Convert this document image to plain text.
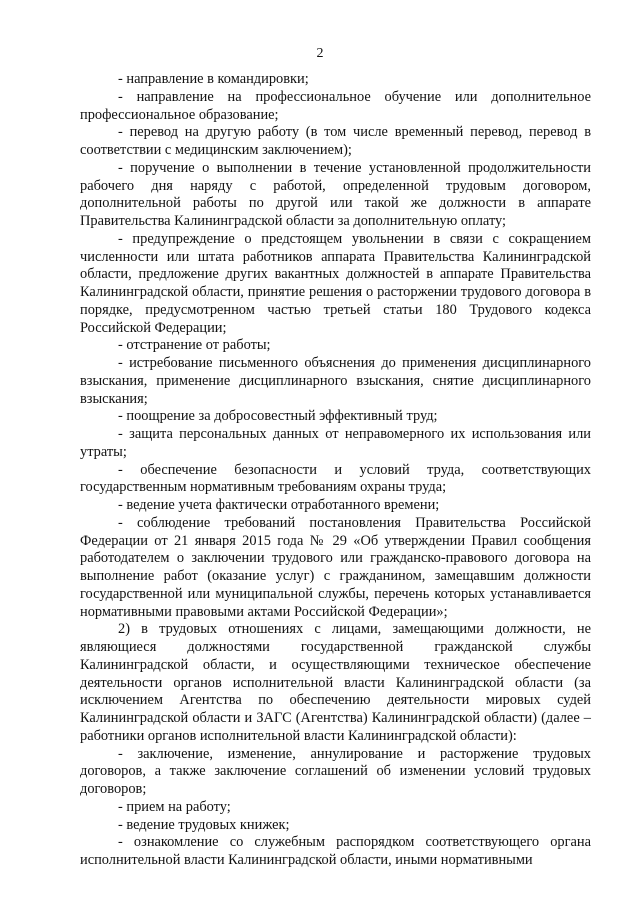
2

- направление в командировки;

- направление на профессиональное обучение или дополнительное профессиональное образование;

- перевод на другую работу (в том числе временный перевод, перевод в соответствии с медицинским заключением);

- поручение о выполнении в течение установленной продолжительности рабочего дня наряду с работой, определенной трудовым договором, дополнительной работы по другой или такой же должности в аппарате Правительства Калининградской области за дополнительную оплату;

- предупреждение о предстоящем увольнении в связи с сокращением численности или штата работников аппарата Правительства Калининградской области, предложение других вакантных должностей в аппарате Правительства Калининградской области, принятие решения о расторжении трудового договора в порядке, предусмотренном частью третьей статьи 180 Трудового кодекса Российской Федерации;

- отстранение от работы;

- истребование письменного объяснения до применения дисциплинарного взыскания, применение дисциплинарного взыскания, снятие дисциплинарного взыскания;

- поощрение за добросовестный эффективный труд;

- защита персональных данных от неправомерного их использования или утраты;

- обеспечение безопасности и условий труда, соответствующих государственным нормативным требованиям охраны труда;

- ведение учета фактически отработанного времени;

- соблюдение требований постановления Правительства Российской Федерации от 21 января 2015 года № 29 «Об утверждении Правил сообщения работодателем о заключении трудового или гражданско-правового договора на выполнение работ (оказание услуг) с гражданином, замещавшим должности государственной или муниципальной службы, перечень которых устанавливается нормативными правовыми актами Российской Федерации»;

2) в трудовых отношениях с лицами, замещающими должности, не являющиеся должностями государственной гражданской службы Калининградской области, и осуществляющими техническое обеспечение деятельности органов исполнительной власти Калининградской области (за исключением Агентства по обеспечению деятельности мировых судей Калининградской области и ЗАГС (Агентства) Калининградской области) (далее – работники органов исполнительной власти Калининградской области):

- заключение, изменение, аннулирование и расторжение трудовых договоров, а также заключение соглашений об изменении условий трудовых договоров;

- прием на работу;

- ведение трудовых книжек;

- ознакомление со служебным распорядком соответствующего органа исполнительной власти Калининградской области, иными нормативными
